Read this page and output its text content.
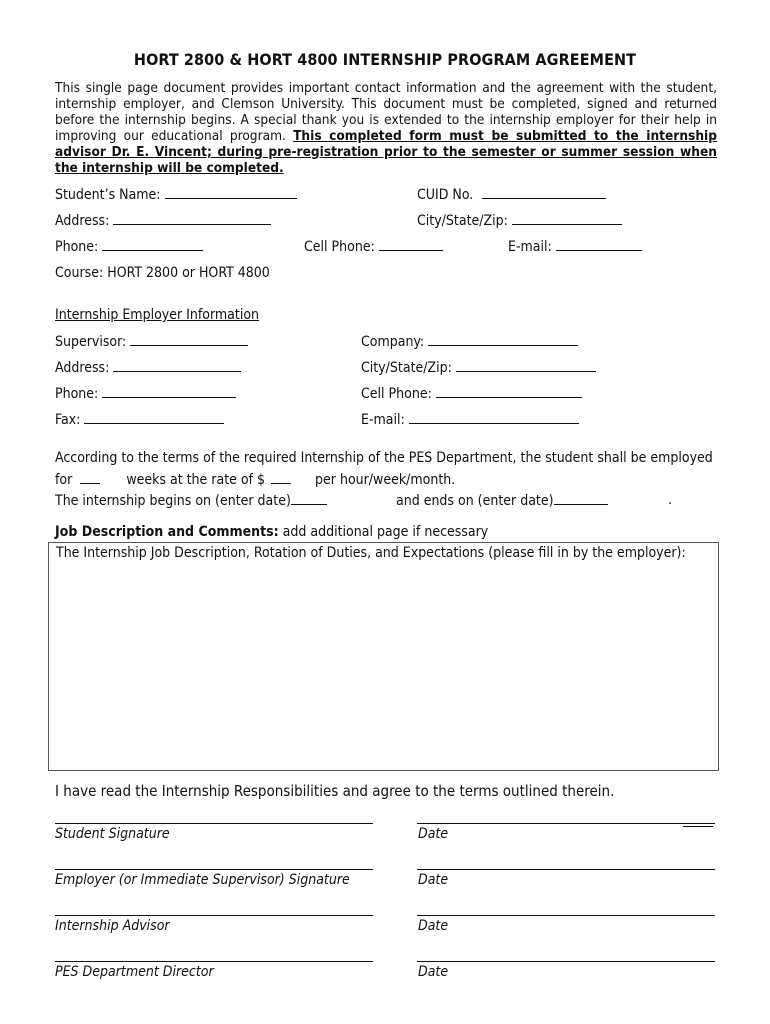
HORT 2800 & HORT 4800 INTERNSHIP PROGRAM AGREEMENT
This single page document provides important contact information and the agreement with the student, internship employer, and Clemson University. This document must be completed, signed and returned before the internship begins. A special thank you is extended to the internship employer for their help in improving our educational program. This completed form must be submitted to the internship advisor Dr. E. Vincent; during pre-registration prior to the semester or summer session when the internship will be completed.
Student’s Name:	CUID No.
Address:	City/State/Zip:
Phone:	Cell Phone:	E-mail:
Course: HORT 2800 or HORT 4800
Internship Employer Information
Supervisor:	Company:
Address:	City/State/Zip:
Phone:	Cell Phone:
Fax:	E-mail:
According to the terms of the required Internship of the PES Department, the student shall be employed
for	weeks at the rate of $	per hour/week/month.
The internship begins on (enter date)	and ends on (enter date)	.
Job Description and Comments: add additional page if necessary
The Internship Job Description, Rotation of Duties, and Expectations (please fill in by the employer):
I have read the Internship Responsibilities and agree to the terms outlined therein.
Student Signature	Date
Employer (or Immediate Supervisor) Signature	Date
Internship Advisor	Date
PES Department Director	Date
